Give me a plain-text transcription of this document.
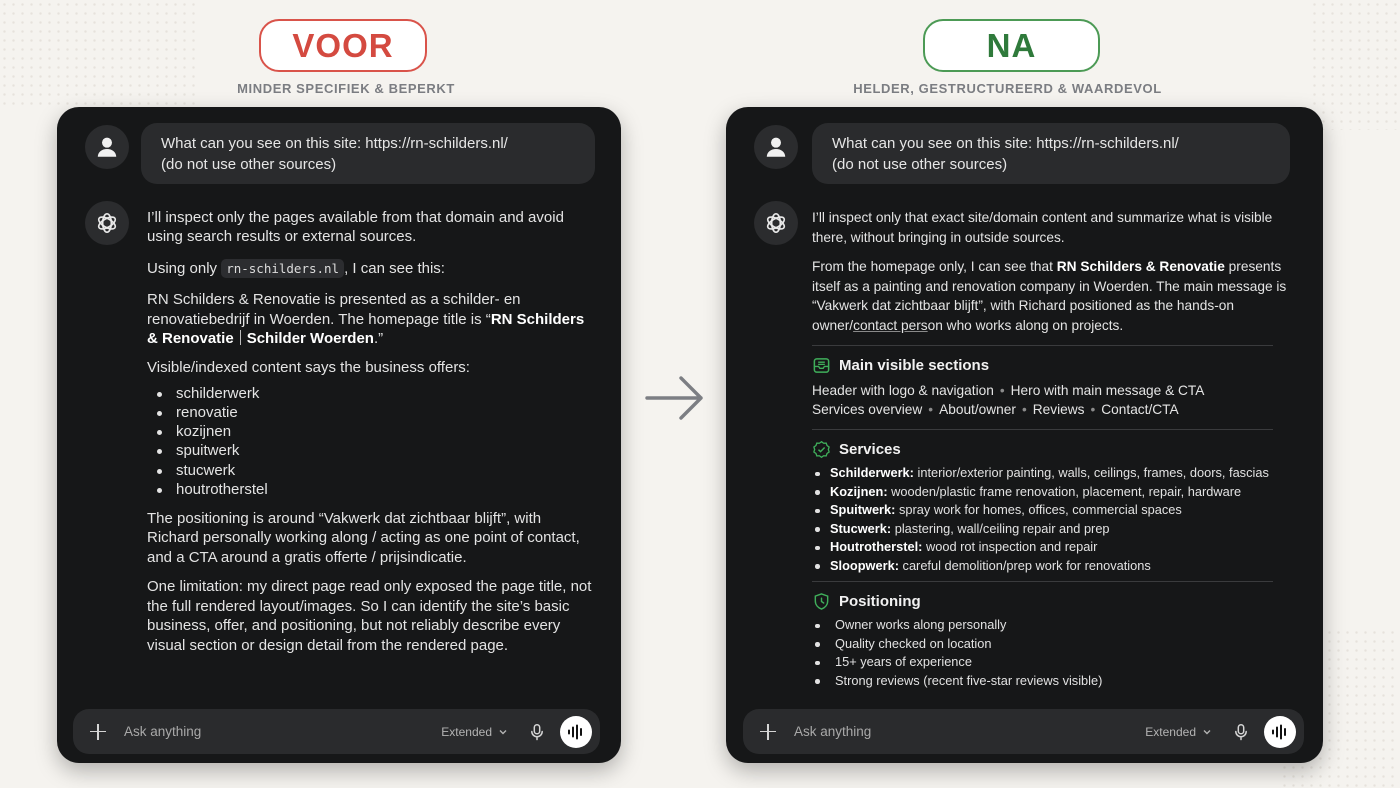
VOOR
MINDER SPECIFIEK & BEPERKT
NA
HELDER, GESTRUCTUREERD & WAARDEVOL
What can you see on this site: https://rn-schilders.nl/
(do not use other sources)

I’ll inspect only the pages available from that domain and avoid using search results or external sources.

Using only rn-schilders.nl , I can see this:

RN Schilders & Renovatie is presented as a schilder- en renovatiebedrijf in Woerden. The homepage title is “RN Schilders & Renovatie Schilder Woerden.”

Visible/indexed content says the business offers:

schilderwerk
renovatie
kozijnen
spuitwerk
stucwerk
houtrotherstel

The positioning is around “Vakwerk dat zichtbaar blijft”, with Richard personally working along / acting as one point of contact, and a CTA around a gratis offerte / prijsindicatie.

One limitation: my direct page read only exposed the page title, not the full rendered layout/images. So I can identify the site’s basic business, offer, and positioning, but not reliably describe every visual section or design detail from the rendered page.

Ask anything	Extended
What can you see on this site: https://rn-schilders.nl/
(do not use other sources)

I’ll inspect only that exact site/domain content and summarize what is visible there, without bringing in outside sources.

From the homepage only, I can see that RN Schilders & Renovatie presents itself as a painting and renovation company in Woerden. The main message is “Vakwerk dat zichtbaar blijft”, with Richard positioned as the hands-on owner/contact person who works along on projects.

Main visible sections
Header with logo & navigation • Hero with main message & CTA
Services overview • About/owner • Reviews • Contact/CTA
Services
Schilderwerk: interior/exterior painting, walls, ceilings, frames, doors, fascias
Kozijnen: wooden/plastic frame renovation, placement, repair, hardware
Spuitwerk: spray work for homes, offices, commercial spaces
Stucwerk: plastering, wall/ceiling repair and prep
Houtrotherstel: wood rot inspection and repair
Sloopwerk: careful demolition/prep work for renovations
Positioning
Owner works along personally
Quality checked on location
15+ years of experience
Strong reviews (recent five-star reviews visible)
Ask anything	Extended
